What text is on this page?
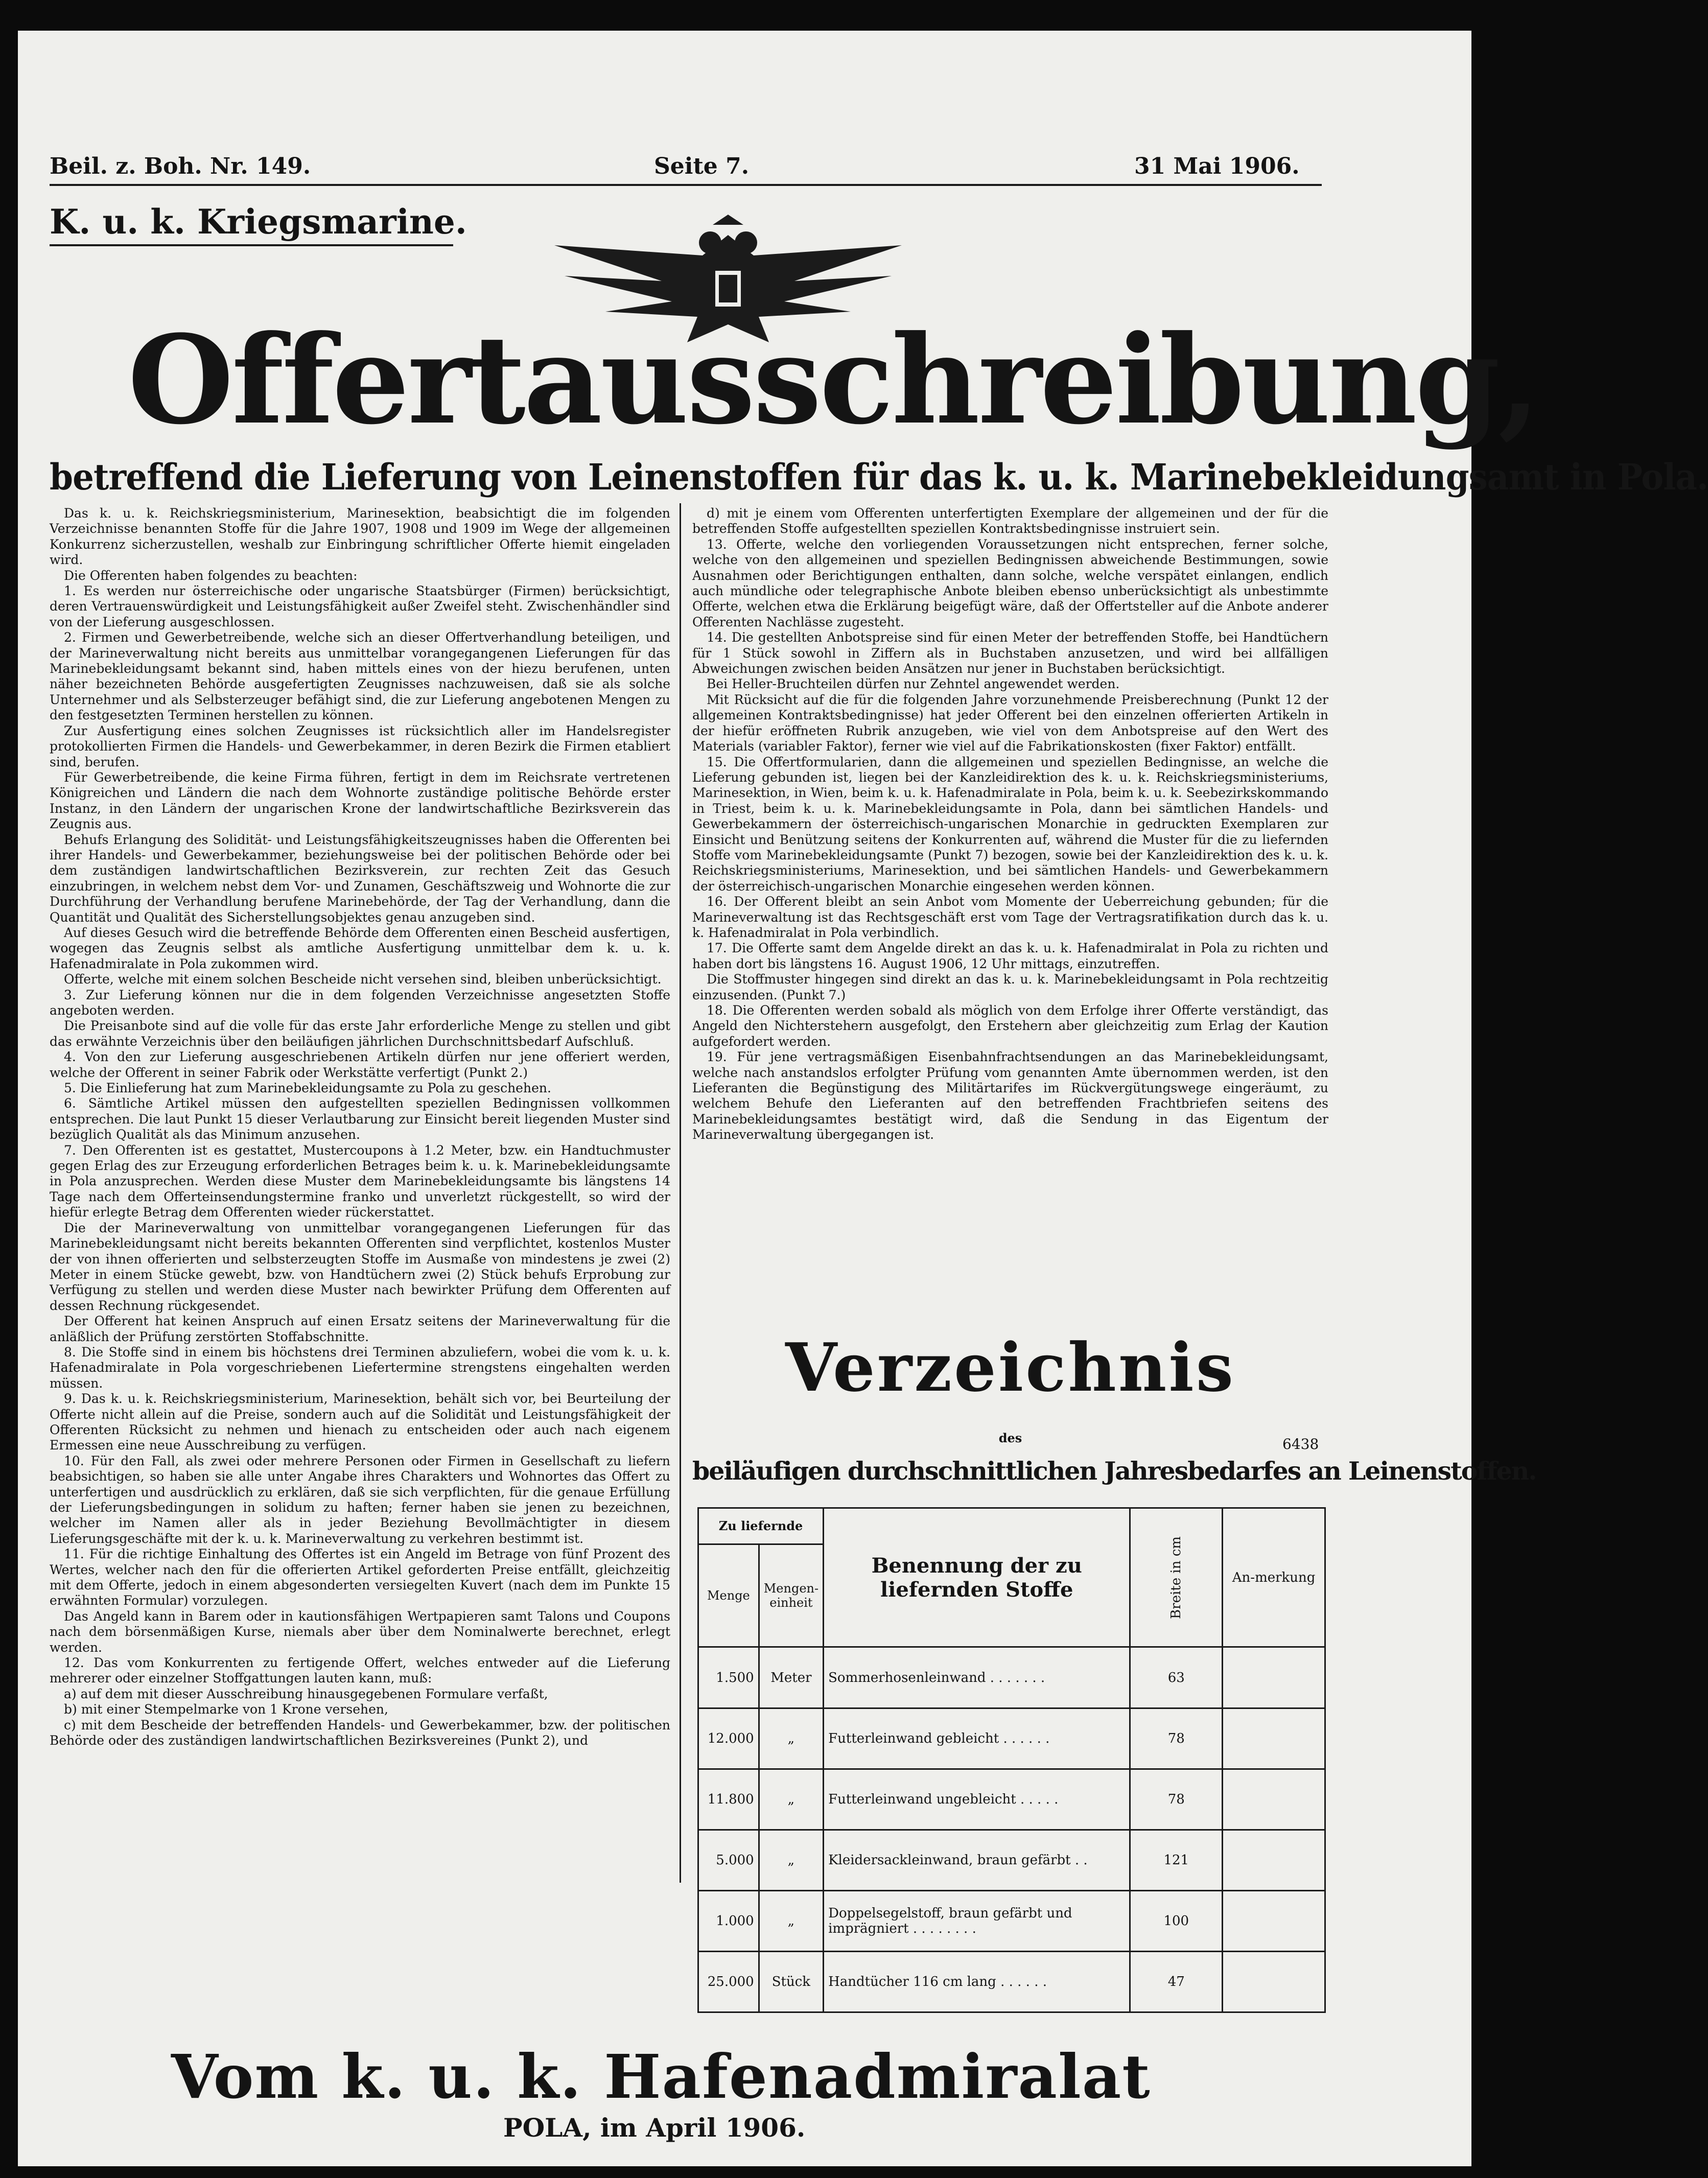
Beil. z. Boh. Nr. 149.	Seite 7.	31 Mai 1906.
K. u. k. Kriegsmarine.
Offertausschreibung,
betreffend die Lieferung von Leinenstoffen für das k. u. k. Marinebekleidungsamt in Pola.

Das k. u. k. Reichskriegsministerium, Marinesektion, beabsichtigt die im folgenden Verzeichnisse benannten Stoffe für die Jahre 1907, 1908 und 1909 im Wege der allgemeinen Konkurrenz sicherzustellen, weshalb zur Einbringung schriftlicher Offerte hiemit eingeladen wird.

Die Offerenten haben folgendes zu beachten:

1. Es werden nur österreichische oder ungarische Staatsbürger (Firmen) berücksichtigt, deren Vertrauenswürdigkeit und Leistungsfähigkeit außer Zweifel steht. Zwischenhändler sind von der Lieferung ausgeschlossen.

2. Firmen und Gewerbetreibende, welche sich an dieser Offertverhandlung beteiligen, und der Marineverwaltung nicht bereits aus unmittelbar vorangegangenen Lieferungen für das Marinebekleidungsamt bekannt sind, haben mittels eines von der hiezu berufenen, unten näher bezeichneten Behörde ausgefertigten Zeugnisses nachzuweisen, daß sie als solche Unternehmer und als Selbsterzeuger befähigt sind, die zur Lieferung angebotenen Mengen zu den festgesetzten Terminen herstellen zu können.

Zur Ausfertigung eines solchen Zeugnisses ist rücksichtlich aller im Handelsregister protokollierten Firmen die Handels- und Gewerbekammer, in deren Bezirk die Firmen etabliert sind, berufen.

Für Gewerbetreibende, die keine Firma führen, fertigt in dem im Reichsrate vertretenen Königreichen und Ländern die nach dem Wohnorte zuständige politische Behörde erster Instanz, in den Ländern der ungarischen Krone der landwirtschaftliche Bezirksverein das Zeugnis aus.

Behufs Erlangung des Solidität- und Leistungsfähigkeitszeugnisses haben die Offerenten bei ihrer Handels- und Gewerbekammer, beziehungsweise bei der politischen Behörde oder bei dem zuständigen landwirtschaftlichen Bezirksverein, zur rechten Zeit das Gesuch einzubringen, in welchem nebst dem Vor- und Zunamen, Geschäftszweig und Wohnorte die zur Durchführung der Verhandlung berufene Marinebehörde, der Tag der Verhandlung, dann die Quantität und Qualität des Sicherstellungsobjektes genau anzugeben sind.

Auf dieses Gesuch wird die betreffende Behörde dem Offerenten einen Bescheid ausfertigen, wogegen das Zeugnis selbst als amtliche Ausfertigung unmittelbar dem k. u. k. Hafenadmiralate in Pola zukommen wird.

Offerte, welche mit einem solchen Bescheide nicht versehen sind, bleiben unberücksichtigt.

3. Zur Lieferung können nur die in dem folgenden Verzeichnisse angesetzten Stoffe angeboten werden.

Die Preisanbote sind auf die volle für das erste Jahr erforderliche Menge zu stellen und gibt das erwähnte Verzeichnis über den beiläufigen jährlichen Durchschnittsbedarf Aufschluß.

4. Von den zur Lieferung ausgeschriebenen Artikeln dürfen nur jene offeriert werden, welche der Offerent in seiner Fabrik oder Werkstätte verfertigt (Punkt 2.)

5. Die Einlieferung hat zum Marinebekleidungsamte zu Pola zu geschehen.

6. Sämtliche Artikel müssen den aufgestellten speziellen Bedingnissen vollkommen entsprechen. Die laut Punkt 15 dieser Verlautbarung zur Einsicht bereit liegenden Muster sind bezüglich Qualität als das Minimum anzusehen.

7. Den Offerenten ist es gestattet, Mustercoupons à 1.2 Meter, bzw. ein Handtuchmuster gegen Erlag des zur Erzeugung erforderlichen Betrages beim k. u. k. Marinebekleidungsamte in Pola anzusprechen. Werden diese Muster dem Marinebekleidungsamte bis längstens 14 Tage nach dem Offerteinsendungstermine franko und unverletzt rückgestellt, so wird der hiefür erlegte Betrag dem Offerenten wieder rückerstattet.

Die der Marineverwaltung von unmittelbar vorangegangenen Lieferungen für das Marinebekleidungsamt nicht bereits bekannten Offerenten sind verpflichtet, kostenlos Muster der von ihnen offerierten und selbsterzeugten Stoffe im Ausmaße von mindestens je zwei (2) Meter in einem Stücke gewebt, bzw. von Handtüchern zwei (2) Stück behufs Erprobung zur Verfügung zu stellen und werden diese Muster nach bewirkter Prüfung dem Offerenten auf dessen Rechnung rückgesendet.

Der Offerent hat keinen Anspruch auf einen Ersatz seitens der Marineverwaltung für die anläßlich der Prüfung zerstörten Stoffabschnitte.

8. Die Stoffe sind in einem bis höchstens drei Terminen abzuliefern, wobei die vom k. u. k. Hafenadmiralate in Pola vorgeschriebenen Liefertermine strengstens eingehalten werden müssen.

9. Das k. u. k. Reichskriegsministerium, Marinesektion, behält sich vor, bei Beurteilung der Offerte nicht allein auf die Preise, sondern auch auf die Solidität und Leistungsfähigkeit der Offerenten Rücksicht zu nehmen und hienach zu entscheiden oder auch nach eigenem Ermessen eine neue Ausschreibung zu verfügen.

10. Für den Fall, als zwei oder mehrere Personen oder Firmen in Gesellschaft zu liefern beabsichtigen, so haben sie alle unter Angabe ihres Charakters und Wohnortes das Offert zu unterfertigen und ausdrücklich zu erklären, daß sie sich verpflichten, für die genaue Erfüllung der Lieferungsbedingungen in solidum zu haften; ferner haben sie jenen zu bezeichnen, welcher im Namen aller als in jeder Beziehung Bevollmächtigter in diesem Lieferungsgeschäfte mit der k. u. k. Marineverwaltung zu verkehren bestimmt ist.

11. Für die richtige Einhaltung des Offertes ist ein Angeld im Betrage von fünf Prozent des Wertes, welcher nach den für die offerierten Artikel geforderten Preise entfällt, gleichzeitig mit dem Offerte, jedoch in einem abgesonderten versiegelten Kuvert (nach dem im Punkte 15 erwähnten Formular) vorzulegen.

Das Angeld kann in Barem oder in kautionsfähigen Wertpapieren samt Talons und Coupons nach dem börsenmäßigen Kurse, niemals aber über dem Nominalwerte berechnet, erlegt werden.

12. Das vom Konkurrenten zu fertigende Offert, welches entweder auf die Lieferung mehrerer oder einzelner Stoffgattungen lauten kann, muß:

a) auf dem mit dieser Ausschreibung hinausgegebenen Formulare verfaßt,

b) mit einer Stempelmarke von 1 Krone versehen,

c) mit dem Bescheide der betreffenden Handels- und Gewerbekammer, bzw. der politischen Behörde oder des zuständigen landwirtschaftlichen Bezirksvereines (Punkt 2), und

d) mit je einem vom Offerenten unterfertigten Exemplare der allgemeinen und der für die betreffenden Stoffe aufgestellten speziellen Kontraktsbedingnisse instruiert sein.

13. Offerte, welche den vorliegenden Voraussetzungen nicht entsprechen, ferner solche, welche von den allgemeinen und speziellen Bedingnissen abweichende Bestimmungen, sowie Ausnahmen oder Berichtigungen enthalten, dann solche, welche verspätet einlangen, endlich auch mündliche oder telegraphische Anbote bleiben ebenso unberücksichtigt als unbestimmte Offerte, welchen etwa die Erklärung beigefügt wäre, daß der Offertsteller auf die Anbote anderer Offerenten Nachlässe zugesteht.

14. Die gestellten Anbotspreise sind für einen Meter der betreffenden Stoffe, bei Handtüchern für 1 Stück sowohl in Ziffern als in Buchstaben anzusetzen, und wird bei allfälligen Abweichungen zwischen beiden Ansätzen nur jener in Buchstaben berücksichtigt.

Bei Heller-Bruchteilen dürfen nur Zehntel angewendet werden.

Mit Rücksicht auf die für die folgenden Jahre vorzunehmende Preisberechnung (Punkt 12 der allgemeinen Kontraktsbedingnisse) hat jeder Offerent bei den einzelnen offerierten Artikeln in der hiefür eröffneten Rubrik anzugeben, wie viel von dem Anbotspreise auf den Wert des Materials (variabler Faktor), ferner wie viel auf die Fabrikationskosten (fixer Faktor) entfällt.

15. Die Offertformularien, dann die allgemeinen und speziellen Bedingnisse, an welche die Lieferung gebunden ist, liegen bei der Kanzleidirektion des k. u. k. Reichskriegsministeriums, Marinesektion, in Wien, beim k. u. k. Hafenadmiralate in Pola, beim k. u. k. Seebezirkskommando in Triest, beim k. u. k. Marinebekleidungsamte in Pola, dann bei sämtlichen Handels- und Gewerbekammern der österreichisch-ungarischen Monarchie in gedruckten Exemplaren zur Einsicht und Benützung seitens der Konkurrenten auf, während die Muster für die zu liefernden Stoffe vom Marinebekleidungsamte (Punkt 7) bezogen, sowie bei der Kanzleidirektion des k. u. k. Reichskriegsministeriums, Marinesektion, und bei sämtlichen Handels- und Gewerbekammern der österreichisch-ungarischen Monarchie eingesehen werden können.

16. Der Offerent bleibt an sein Anbot vom Momente der Ueberreichung gebunden; für die Marineverwaltung ist das Rechtsgeschäft erst vom Tage der Vertragsratifikation durch das k. u. k. Hafenadmiralat in Pola verbindlich.

17. Die Offerte samt dem Angelde direkt an das k. u. k. Hafenadmiralat in Pola zu richten und haben dort bis längstens 16. August 1906, 12 Uhr mittags, einzutreffen.

Die Stoffmuster hingegen sind direkt an das k. u. k. Marinebekleidungsamt in Pola rechtzeitig einzusenden. (Punkt 7.)

18. Die Offerenten werden sobald als möglich von dem Erfolge ihrer Offerte verständigt, das Angeld den Nichterstehern ausgefolgt, den Erstehern aber gleichzeitig zum Erlag der Kaution aufgefordert werden.

19. Für jene vertragsmäßigen Eisenbahnfrachtsendungen an das Marinebekleidungsamt, welche nach anstandslos erfolgter Prüfung vom genannten Amte übernommen werden, ist den Lieferanten die Begünstigung des Militärtarifes im Rückvergütungswege eingeräumt, zu welchem Behufe den Lieferanten auf den betreffenden Frachtbriefen seitens des Marinebekleidungsamtes bestätigt wird, daß die Sendung in das Eigentum der Marineverwaltung übergegangen ist.

Verzeichnis
des	6438
beiläufigen durchschnittlichen Jahresbedarfes an Leinenstoffen.
Zu liefernde		Benennung der zu liefernden Stoffe	Breite in cm	An-merkung
Menge	Mengen-einheit			
1.500	Meter	Sommerhosenleinwand . . . . . . .	63	
12.000	„	Futterleinwand gebleicht . . . . . .	78	
11.800	„	Futterleinwand ungebleicht . . . . .	78	
5.000	„	Kleidersackleinwand, braun gefärbt . .	121	
1.000	„	Doppelsegelstoff, braun gefärbt und imprägniert . . . . . . . .	100	
25.000	Stück	Handtücher 116 cm lang . . . . . .	47	
Vom k. u. k. Hafenadmiralat
POLA, im April 1906.
